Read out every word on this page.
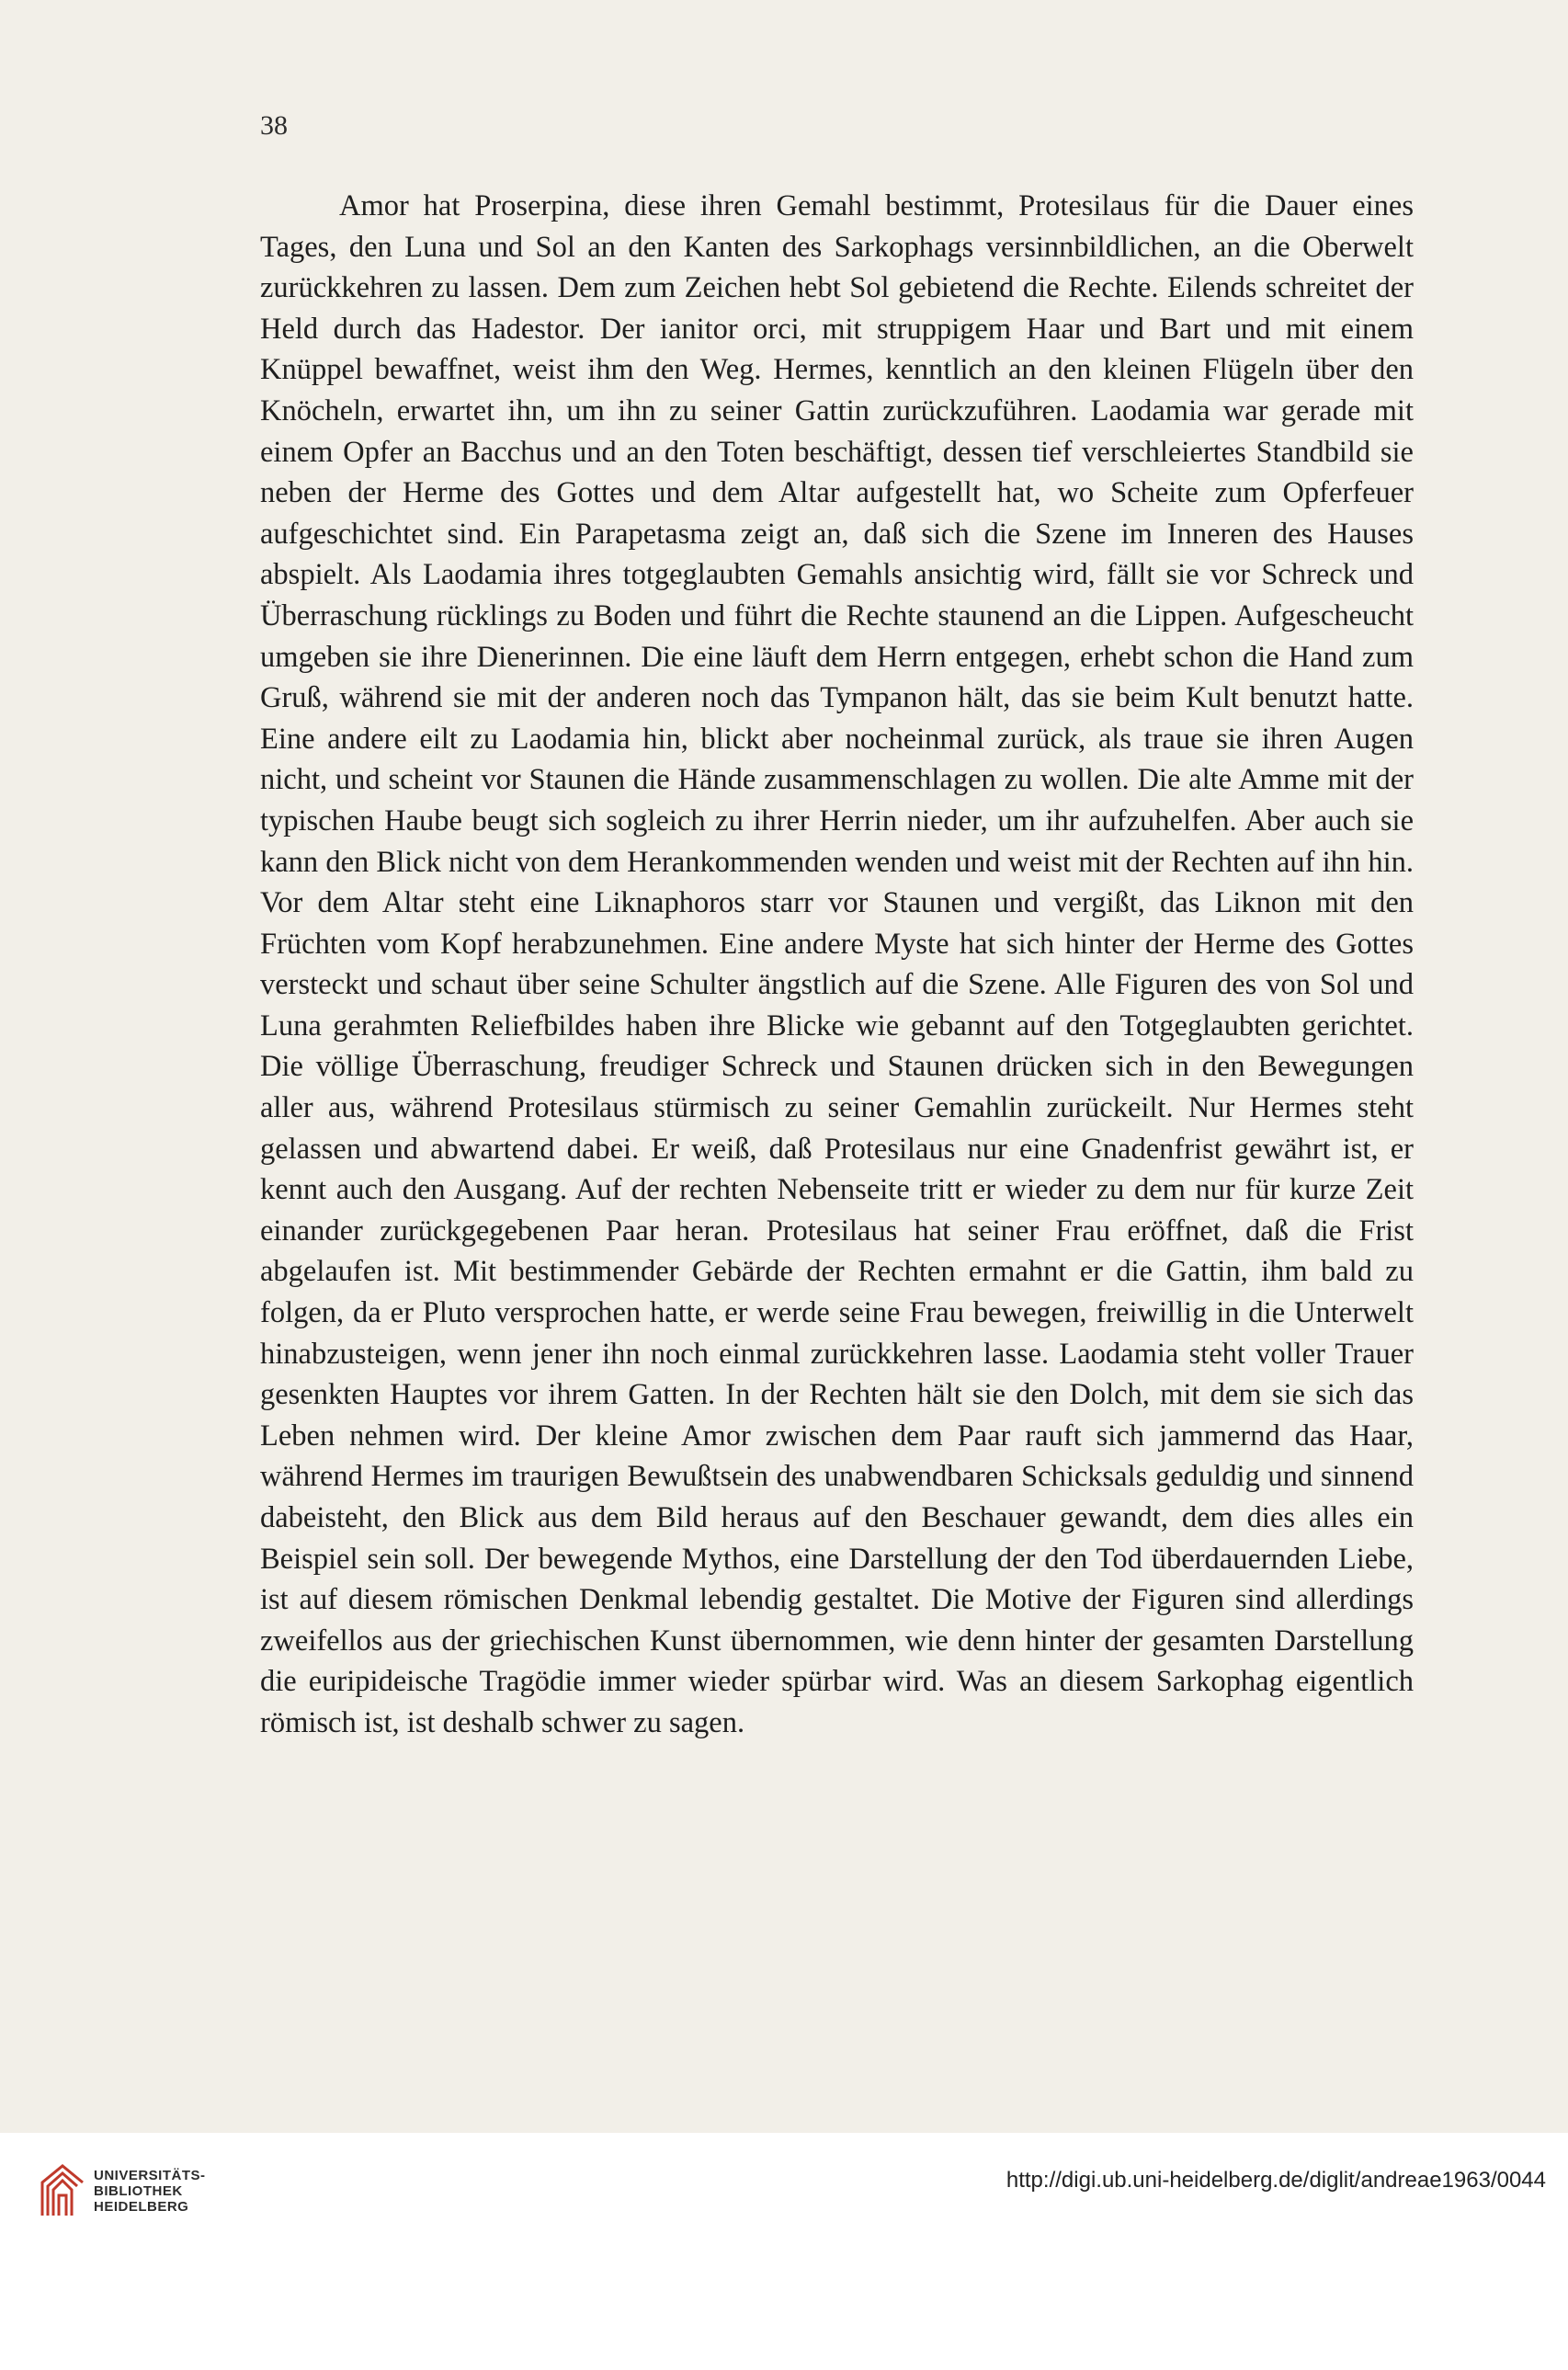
38

Amor hat Proserpina, diese ihren Gemahl bestimmt, Protesilaus für die Dauer eines Tages, den Luna und Sol an den Kanten des Sarkophags versinnbildlichen, an die Oberwelt zurückkehren zu lassen. Dem zum Zeichen hebt Sol gebietend die Rechte. Eilends schreitet der Held durch das Hadestor. Der ianitor orci, mit struppigem Haar und Bart und mit einem Knüppel bewaffnet, weist ihm den Weg. Hermes, kenntlich an den kleinen Flügeln über den Knöcheln, erwartet ihn, um ihn zu seiner Gattin zurückzuführen. Laodamia war gerade mit einem Opfer an Bacchus und an den Toten beschäftigt, dessen tief verschleiertes Standbild sie neben der Herme des Gottes und dem Altar aufgestellt hat, wo Scheite zum Opferfeuer aufgeschichtet sind. Ein Parapetasma zeigt an, daß sich die Szene im Inneren des Hauses abspielt. Als Laodamia ihres totgeglaubten Gemahls ansichtig wird, fällt sie vor Schreck und Überraschung rücklings zu Boden und führt die Rechte staunend an die Lippen. Aufgescheucht umgeben sie ihre Dienerinnen. Die eine läuft dem Herrn entgegen, erhebt schon die Hand zum Gruß, während sie mit der anderen noch das Tympanon hält, das sie beim Kult benutzt hatte. Eine andere eilt zu Laodamia hin, blickt aber nocheinmal zurück, als traue sie ihren Augen nicht, und scheint vor Staunen die Hände zusammenschlagen zu wollen. Die alte Amme mit der typischen Haube beugt sich sogleich zu ihrer Herrin nieder, um ihr aufzuhelfen. Aber auch sie kann den Blick nicht von dem Herankommenden wenden und weist mit der Rechten auf ihn hin. Vor dem Altar steht eine Liknaphoros starr vor Staunen und vergißt, das Liknon mit den Früchten vom Kopf herabzunehmen. Eine andere Myste hat sich hinter der Herme des Gottes versteckt und schaut über seine Schulter ängstlich auf die Szene. Alle Figuren des von Sol und Luna gerahmten Reliefbildes haben ihre Blicke wie gebannt auf den Totgeglaubten gerichtet. Die völlige Überraschung, freudiger Schreck und Staunen drücken sich in den Bewegungen aller aus, während Protesilaus stürmisch zu seiner Gemahlin zurückeilt. Nur Hermes steht gelassen und abwartend dabei. Er weiß, daß Protesilaus nur eine Gnadenfrist gewährt ist, er kennt auch den Ausgang. Auf der rechten Nebenseite tritt er wieder zu dem nur für kurze Zeit einander zurückgegebenen Paar heran. Protesilaus hat seiner Frau eröffnet, daß die Frist abgelaufen ist. Mit bestimmender Gebärde der Rechten ermahnt er die Gattin, ihm bald zu folgen, da er Pluto versprochen hatte, er werde seine Frau bewegen, freiwillig in die Unterwelt hinabzusteigen, wenn jener ihn noch einmal zurückkehren lasse. Laodamia steht voller Trauer gesenkten Hauptes vor ihrem Gatten. In der Rechten hält sie den Dolch, mit dem sie sich das Leben nehmen wird. Der kleine Amor zwischen dem Paar rauft sich jammernd das Haar, während Hermes im traurigen Bewußtsein des unabwendbaren Schicksals geduldig und sinnend dabeisteht, den Blick aus dem Bild heraus auf den Beschauer gewandt, dem dies alles ein Beispiel sein soll. Der bewegende Mythos, eine Darstellung der den Tod überdauernden Liebe, ist auf diesem römischen Denkmal lebendig gestaltet. Die Motive der Figuren sind allerdings zweifellos aus der griechischen Kunst übernommen, wie denn hinter der gesamten Darstellung die euripideische Tragödie immer wieder spürbar wird. Was an diesem Sarkophag eigentlich römisch ist, ist deshalb schwer zu sagen.

UNIVERSITÄTS-
BIBLIOTHEK
HEIDELBERG
http://digi.ub.uni-heidelberg.de/diglit/andreae1963/0044
